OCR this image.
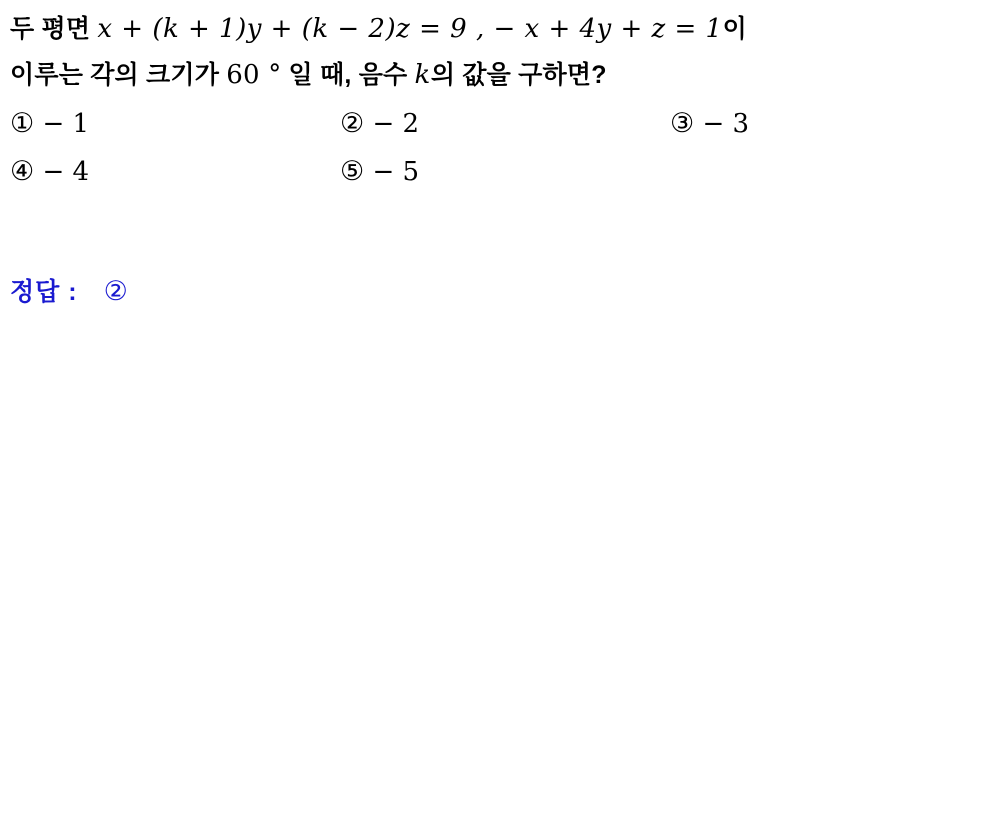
두 평면 x + (k + 1)y + (k − 2)z = 9 , − x + 4y + z = 1이
이루는 각의 크기가 60 ° 일 때, 음수 k의 값을 구하면?
① − 1	② − 2	③ − 3
④ − 4	⑤ − 5
정답 : ②
